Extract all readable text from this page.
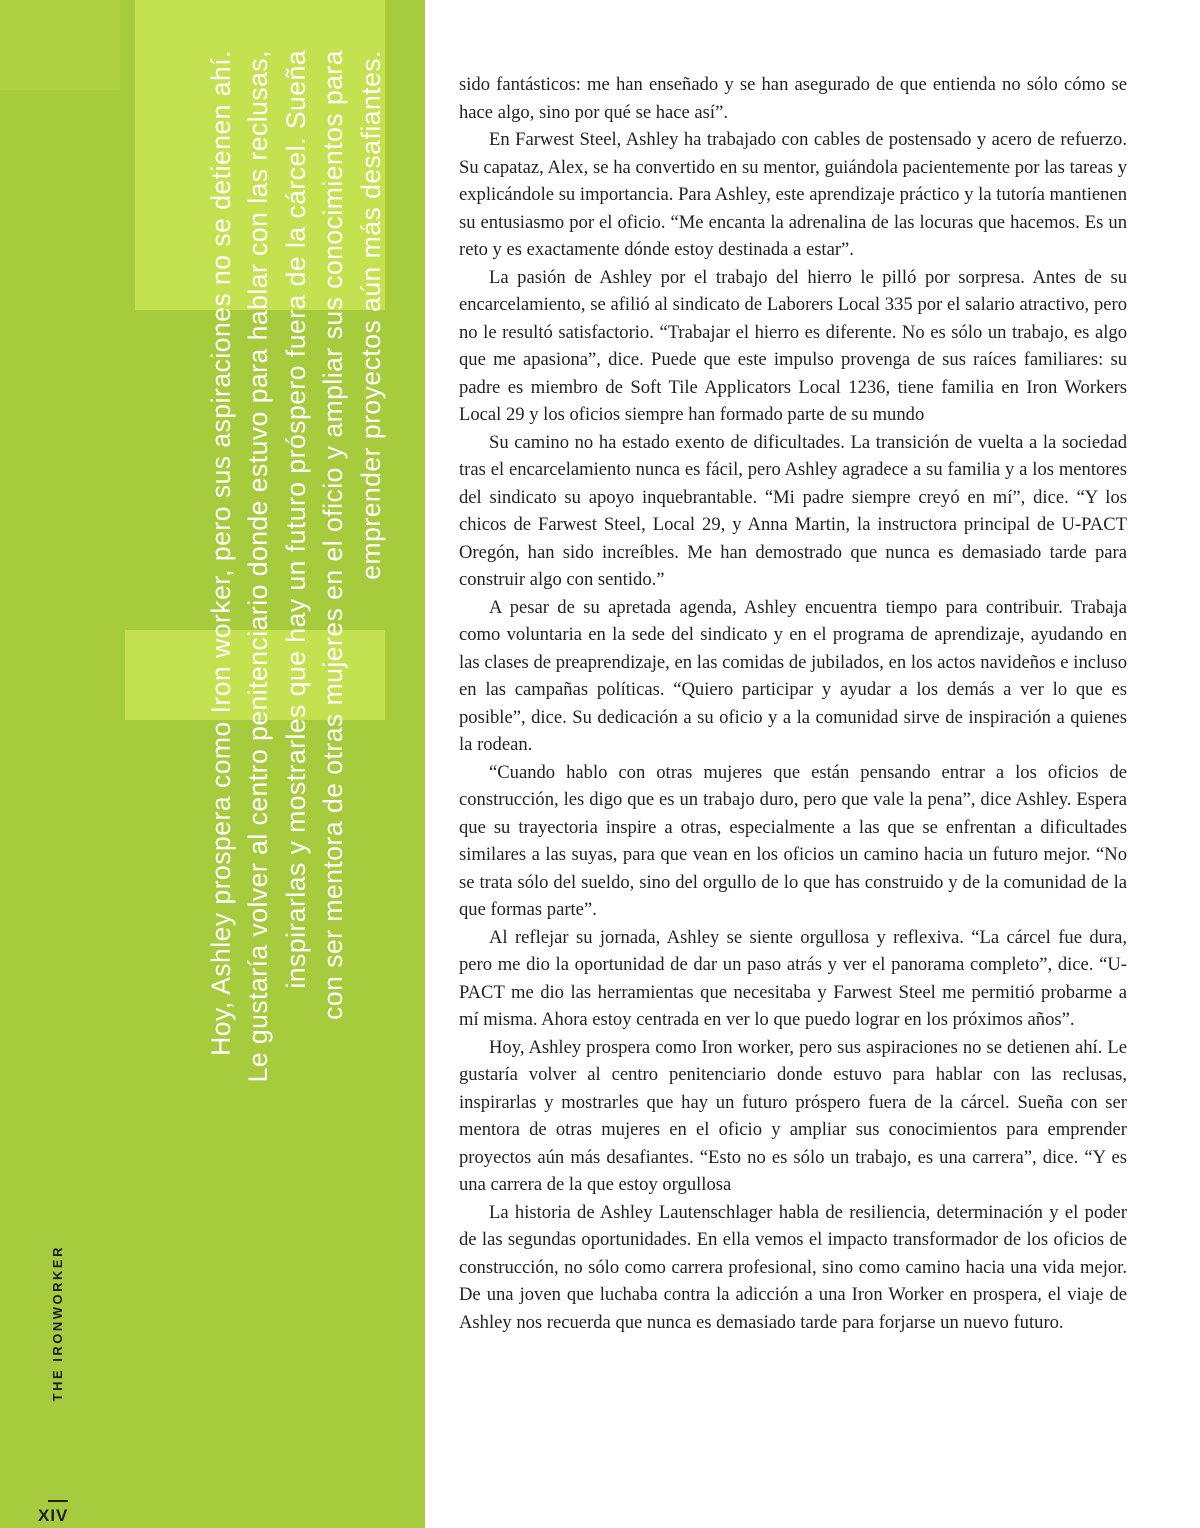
Hoy, Ashley prospera como Iron worker, pero sus aspiraciones no se detienen ahí. Le gustaría volver al centro penitenciario donde estuvo para hablar con las reclusas, inspirarlas y mostrarles que hay un futuro próspero fuera de la cárcel. Sueña con ser mentora de otras mujeres en el oficio y ampliar sus conocimientos para emprender proyectos aún más desafiantes.
THE IRONWORKER
XIV

sido fantásticos: me han enseñado y se han asegurado de que entienda no sólo cómo se hace algo, sino por qué se hace así”.

En Farwest Steel, Ashley ha trabajado con cables de postensado y acero de refuerzo. Su capataz, Alex, se ha convertido en su mentor, guiándola pacientemente por las tareas y explicándole su importancia. Para Ashley, este aprendizaje práctico y la tutoría mantienen su entusiasmo por el oficio. “Me encanta la adrenalina de las locuras que hacemos. Es un reto y es exactamente dónde estoy destinada a estar”.

La pasión de Ashley por el trabajo del hierro le pilló por sorpresa. Antes de su encarcelamiento, se afilió al sindicato de Laborers Local 335 por el salario atractivo, pero no le resultó satisfactorio. “Trabajar el hierro es diferente. No es sólo un trabajo, es algo que me apasiona”, dice. Puede que este impulso provenga de sus raíces familiares: su padre es miembro de Soft Tile Applicators Local 1236, tiene familia en Iron Workers Local 29 y los oficios siempre han formado parte de su mundo

Su camino no ha estado exento de dificultades. La transición de vuelta a la sociedad tras el encarcelamiento nunca es fácil, pero Ashley agradece a su familia y a los mentores del sindicato su apoyo inquebrantable. “Mi padre siempre creyó en mí”, dice. “Y los chicos de Farwest Steel, Local 29, y Anna Martin, la instructora principal de U-PACT Oregón, han sido increíbles. Me han demostrado que nunca es demasiado tarde para construir algo con sentido.”

A pesar de su apretada agenda, Ashley encuentra tiempo para contribuir. Trabaja como voluntaria en la sede del sindicato y en el programa de aprendizaje, ayudando en las clases de preaprendizaje, en las comidas de jubilados, en los actos navideños e incluso en las campañas políticas. “Quiero participar y ayudar a los demás a ver lo que es posible”, dice. Su dedicación a su oficio y a la comunidad sirve de inspiración a quienes la rodean.

“Cuando hablo con otras mujeres que están pensando entrar a los oficios de construcción, les digo que es un trabajo duro, pero que vale la pena”, dice Ashley. Espera que su trayectoria inspire a otras, especialmente a las que se enfrentan a dificultades similares a las suyas, para que vean en los oficios un camino hacia un futuro mejor. “No se trata sólo del sueldo, sino del orgullo de lo que has construido y de la comunidad de la que formas parte”.

Al reflejar su jornada, Ashley se siente orgullosa y reflexiva. “La cárcel fue dura, pero me dio la oportunidad de dar un paso atrás y ver el panorama completo”, dice. “U-PACT me dio las herramientas que necesitaba y Farwest Steel me permitió probarme a mí misma. Ahora estoy centrada en ver lo que puedo lograr en los próximos años”.

Hoy, Ashley prospera como Iron worker, pero sus aspiraciones no se detienen ahí. Le gustaría volver al centro penitenciario donde estuvo para hablar con las reclusas, inspirarlas y mostrarles que hay un futuro próspero fuera de la cárcel. Sueña con ser mentora de otras mujeres en el oficio y ampliar sus conocimientos para emprender proyectos aún más desafiantes. “Esto no es sólo un trabajo, es una carrera”, dice. “Y es una carrera de la que estoy orgullosa

La historia de Ashley Lautenschlager habla de resiliencia, determinación y el poder de las segundas oportunidades. En ella vemos el impacto transformador de los oficios de construcción, no sólo como carrera profesional, sino como camino hacia una vida mejor. De una joven que luchaba contra la adicción a una Iron Worker en prospera, el viaje de Ashley nos recuerda que nunca es demasiado tarde para forjarse un nuevo futuro.
